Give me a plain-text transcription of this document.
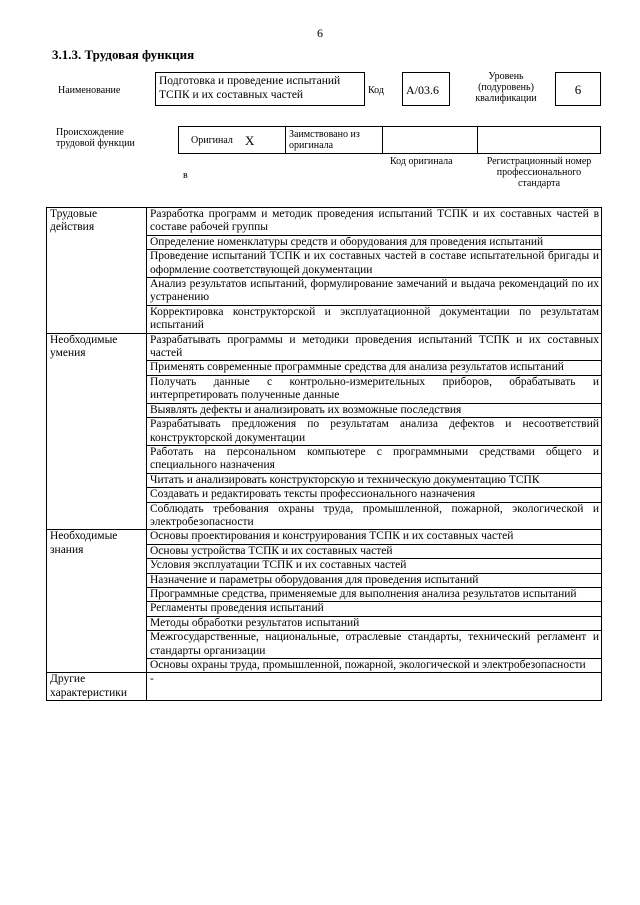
6
3.1.3. Трудовая функция
Наименование
Подготовка и проведение испытаний ТСПК и их составных частей	Код	A/03.6
Уровень (подуровень) квалификации
6
Происхождение трудовой функции	Оригинал X	Заимствовано из оригинала
Код оригинала	Регистрационный номер профессионального стандарта
в
Трудовые действия	Разработка программ и методик проведения испытаний ТСПК и их составных частей в составе рабочей группы
	Определение номенклатуры средств и оборудования для проведения испытаний
	Проведение испытаний ТСПК и их составных частей в составе испытательной бригады и оформление соответствующей документации
	Анализ результатов испытаний, формулирование замечаний и выдача рекомендаций по их устранению
	Корректировка конструкторской и эксплуатационной документации по результатам испытаний
Необходимые умения	Разрабатывать программы и методики проведения испытаний ТСПК и их составных частей
	Применять современные программные средства для анализа результатов испытаний
	Получать данные с контрольно-измерительных приборов, обрабатывать и интерпретировать полученные данные
	Выявлять дефекты и анализировать их возможные последствия
	Разрабатывать предложения по результатам анализа дефектов и несоответствий конструкторской документации
	Работать на персональном компьютере с программными средствами общего и специального назначения
	Читать и анализировать конструкторскую и техническую документацию ТСПК
	Создавать и редактировать тексты профессионального назначения
	Соблюдать требования охраны труда, промышленной, пожарной, экологической и электробезопасности
Необходимые знания	Основы проектирования и конструирования ТСПК и их составных частей
	Основы устройства ТСПК и их составных частей
	Условия эксплуатации ТСПК и их составных частей
	Назначение и параметры оборудования для проведения испытаний
	Программные средства, применяемые для выполнения анализа результатов испытаний
	Регламенты проведения испытаний
	Методы обработки результатов испытаний
	Межгосударственные, национальные, отраслевые стандарты, технический регламент и стандарты организации
	Основы охраны труда, промышленной, пожарной, экологической и электробезопасности
Другие характеристики	-
